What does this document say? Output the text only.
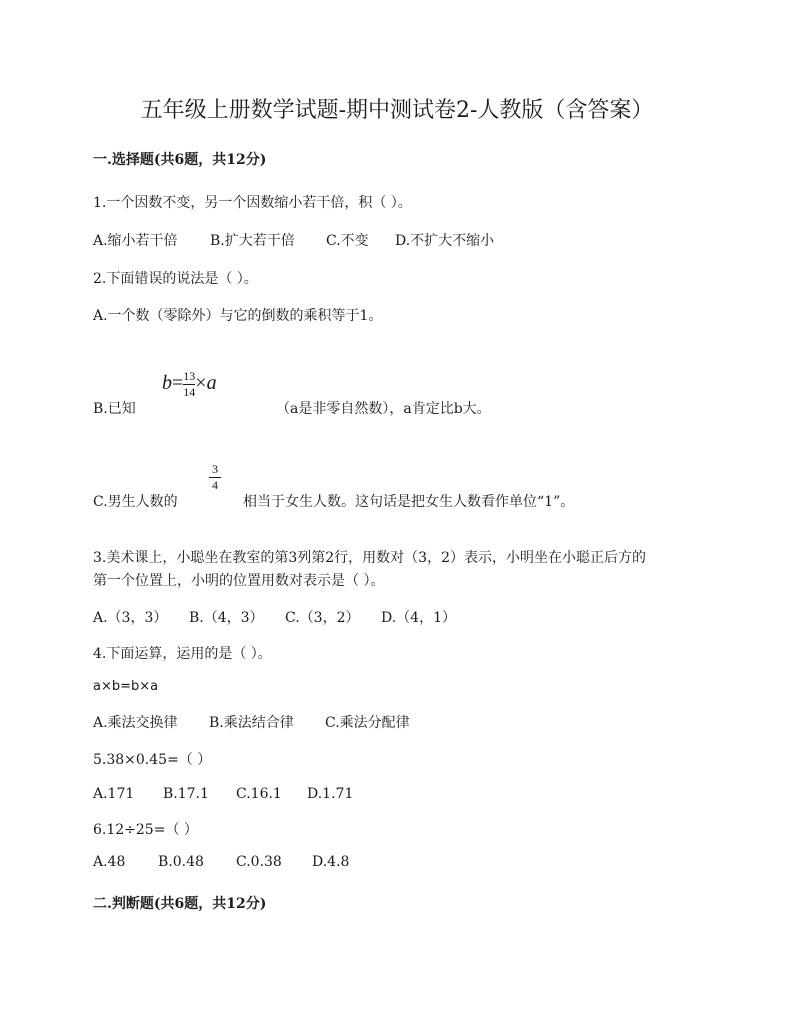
五年级上册数学试题-期中测试卷2-人教版（含答案）
一.选择题(共6题，共12分)
1.一个因数不变，另一个因数缩小若干倍，积（ ）。
A.缩小若干倍 B.扩大若干倍 C.不变 D.不扩大不缩小
2.下面错误的说法是（ ）。
A.一个数（零除外）与它的倒数的乘积等于1。
B.已知
$b= \frac{13}{14} \times a$
（a是非零自然数），a肯定比b大。
C.男生人数的
$\frac{3}{4}$
相当于女生人数。这句话是把女生人数看作单位“1”。
3.美术课上，小聪坐在教室的第3列第2行，用数对（3，2）表示，小明坐在小聪正后方的
第一个位置上，小明的位置用数对表示是（ ）。
A.（3，3） B.（4，3） C.（3，2） D.（4，1）
4.下面运算，运用的是（ ）。
a×b=b×a
A.乘法交换律 B.乘法结合律 C.乘法分配律
5.38×0.45=（ ）
A.171 B.17.1 C.16.1 D.1.71
6.12÷25=（ ）
A.48 B.0.48 C.0.38 D.4.8
二.判断题(共6题，共12分)
